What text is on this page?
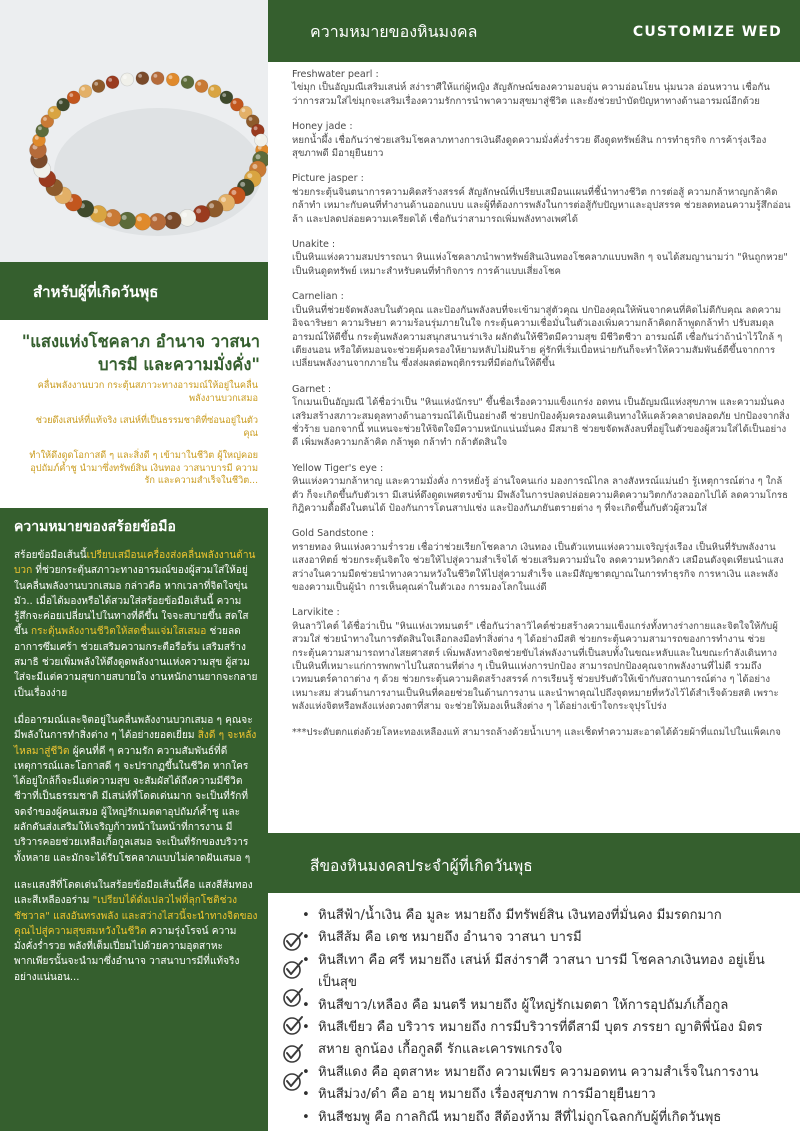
สำหรับผู้ที่เกิดวันพุธ
"แสงแห่งโชคลาภ อำนาจ วาสนาบารมี และความมั่งคั่ง"

คลื่นพลังงานบวก กระตุ้นสภาวะทางอารมณ์ให้อยู่ในคลื่นพลังงานบวกเสมอ

ช่วยดึงเสน่ห์ที่แท้จริง เสน่ห์ที่เป็นธรรมชาติที่ซ่อนอยู่ในตัวคุณ

ทำให้ดึงดูดโอกาสดี ๆ และสิ่งดี ๆ เข้ามาในชีวิต ผู้ใหญ่คอยอุปถัมภ์ค้ำชู นำมาซึ่งทรัพย์สิน เงินทอง วาสนาบารมี ความรัก และความสำเร็จในชีวิต...

ความหมายของสร้อยข้อมือ

สร้อยข้อมือเส้นนี้เปรียบเสมือนเครื่องส่งคลื่นพลังงานด้านบวก ที่ช่วยกระตุ้นสภาวะทางอารมณ์ของผู้สวมใส่ให้อยู่ในคลื่นพลังงานบวกเสมอ กล่าวคือ หากเวลาที่จิตใจขุ่นมัว.. เมื่อได้มองหรือได้สวมใส่สร้อยข้อมือเส้นนี้ ความรู้สึกจะค่อยเปลี่ยนไปในทางที่ดีขึ้น ใจจะสบายขึ้น สดใสขึ้น กระตุ้นพลังงานชีวิตให้สดชื่นแจ่มใสเสมอ ช่วยลดอาการซึมเศร้า ช่วยเสริมความกระตือรือร้น เสริมสร้างสมาธิ ช่วยเพิ่มพลังให้ดึงดูดพลังงานแห่งความสุข ผู้สวมใส่จะมีแต่ความสุขกายสบายใจ งานหนักงานยากจะกลายเป็นเรื่องง่าย

เมื่ออารมณ์และจิตอยู่ในคลื่นพลังงานบวกเสมอ ๆ คุณจะมีพลังในการทำสิ่งต่าง ๆ ได้อย่างยอดเยี่ยม สิ่งดี ๆ จะหลั่งไหลมาสู่ชีวิต ผู้คนที่ดี ๆ ความรัก ความสัมพันธ์ที่ดี เหตุการณ์และโอกาสดี ๆ จะปรากฏขึ้นในชีวิต หากใครได้อยู่ใกล้ก็จะมีแต่ความสุข จะสัมผัสได้ถึงความมีชีวิตชีวาที่เป็นธรรมชาติ มีเสน่ห์ที่โดดเด่นมาก จะเป็นที่รักที่จดจำของผู้คนเสมอ ผู้ใหญ่รักเมตตาอุปถัมภ์ค้ำชู และผลักดันส่งเสริมให้เจริญก้าวหน้าในหน้าที่การงาน มีบริวารคอยช่วยเหลือเกื้อกูลเสมอ จะเป็นที่รักของบริวารทั้งหลาย และมักจะได้รับโชคลาภแบบไม่คาดฝันเสมอ ๆ

และแสงสีที่โดดเด่นในสร้อยข้อมือเส้นนี้คือ แสงสีส้มทองและสีเหลืองอร่าม "เปรียบได้ดั่งเปลวไฟที่ลุกโชติช่วงชัชวาล" แสงอันทรงพลัง และสว่างไสวนี้จะนำทางจิตของคุณไปสู่ความสุขสมหวังในชีวิต ความรุ่งโรจน์ ความมั่งคั่งร่ำรวย พลังที่เต็มเปี่ยมไปด้วยความอุตสาหะพากเพียรนั้นจะนำมาซึ่งอำนาจ วาสนาบารมีที่แท้จริงอย่างแน่นอน...

ความหมายของหินมงคล	CUSTOMIZE WED
Freshwater pearl :
ไข่มุก เป็นอัญมณีเสริมเสน่ห์ สง่าราศีให้แก่ผู้หญิง สัญลักษณ์ของความอบอุ่น ความอ่อนโยน นุ่มนวล อ่อนหวาน เชื่อกันว่าการสวมใส่ไข่มุกจะเสริมเรื่องความรักการนำพาความสุขมาสู่ชีวิต และยังช่วยบำบัดปัญหาทางด้านอารมณ์อีกด้วย
Honey jade :
หยกน้ำผึ้ง เชื่อกันว่าช่วยเสริมโชคลาภทางการเงินดึงดูดความมั่งคั่งร่ำรวย ดึงดูดทรัพย์สิน การทำธุรกิจ การค้ารุ่งเรือง สุขภาพดี มีอายุยืนยาว
Picture jasper :
ช่วยกระตุ้นจินตนาการความคิดสร้างสรรค์ สัญลักษณ์ที่เปรียบเสมือนแผนที่ชี้นำทางชีวิต การต่อสู้ ความกล้าหาญกล้าคิด กล้าทำ เหมาะกับคนที่ทำงานด้านออกแบบ และผู้ที่ต้องการพลังในการต่อสู้กับปัญหาและอุปสรรค ช่วยลดทอนความรู้สึกอ่อนล้า และปลดปล่อยความเครียดได้ เชื่อกันว่าสามารถเพิ่มพลังทางเพศได้
Unakite :
เป็นหินแห่งความสมปรารถนา หินแห่งโชคลาภนำพาทรัพย์สินเงินทองโชคลาภแบบพลิก ๆ จนได้สมญานามว่า "หินถูกหวย" เป็นหินดูดทรัพย์ เหมาะสำหรับคนที่ทำกิจการ การค้าแบบเสี่ยงโชค
Carnelian :
เป็นหินที่ช่วยจัดพลังลบในตัวคุณ และป้องกันพลังลบที่จะเข้ามาสู่ตัวคุณ ปกป้องคุณให้พ้นจากคนที่คิดไม่ดีกับคุณ ลดความอิจฉาริษยา ความริษยา ความร้อนรุ่มภายในใจ กระตุ้นความเชื่อมั่นในตัวเองเพิ่มความกล้าคิดกล้าพูดกล้าทำ ปรับสมดุลอารมณ์ให้ดีขึ้น กระตุ้นพลังความสนุกสนานร่าเริง ผลักดันให้ชีวิตมีความสุข มีชีวิตชีวา อารมณ์ดี เชื่อกันว่าถ้านำไว้ใกล้ ๆ เตียงนอน หรือใต้หมอนจะช่วยคุ้มครองให้ยามหลับไม่ฝันร้าย คู่รักที่เริ่มเบื่อหน่ายกันก็จะทำให้ความสัมพันธ์ดีขึ้นจากการเปลี่ยนพลังงานจากภายใน ซึ่งส่งผลต่อพฤติกรรมที่มีต่อกันให้ดีขึ้น
Garnet :
โกเมนเป็นอัญมณี ได้ชื่อว่าเป็น "หินแห่งนักรบ" ขึ้นชื่อเรื่องความแข็งแกร่ง อดทน เป็นอัญมณีแห่งสุขภาพ และความมั่นคงเสริมสร้างสภาวะสมดุลทางด้านอารมณ์ได้เป็นอย่างดี ช่วยปกป้องคุ้มครองคนเดินทางให้แคล้วคลาดปลอดภัย ปกป้องจากสิ่งชั่วร้าย บอกจากนี้ ทแหนจะช่วยให้จิตใจมีความหนักแน่นมั่นคง มีสมาธิ ช่วยขจัดพลังลบที่อยู่ในตัวของผู้สวมใส่ได้เป็นอย่างดี เพิ่มพลังความกล้าคิด กล้าพูด กล้าทำ กล้าตัดสินใจ
Yellow Tiger's eye :
หินแห่งความกล้าหาญ และความมั่งคั่ง การหยั่งรู้ อ่านใจคนเก่ง มองการณ์ไกล ลางสังหรณ์แม่นยำ รู้เหตุการณ์ต่าง ๆ ใกล้ตัว ก็จะเกิดขึ้นกับตัวเรา มีเสน่ห์ดึงดูดเพศตรงข้าม มีพลังในการปลดปล่อยความคิดความวิตกกังวลออกไปได้ ลดความโกรธ กิฎิความดื้อดึงในตนได้ ป้องกันการโดนสาปแช่ง และป้องกันภยันตรายต่าง ๆ ที่จะเกิดขึ้นกับตัวผู้สวมใส่
Gold Sandstone :
ทรายทอง หินแห่งความร่ำรวย เชื่อว่าช่วยเรียกโชคลาภ เงินทอง เป็นตัวแทนแห่งความเจริญรุ่งเรือง เป็นหินที่รับพลังงานแสงอาทิตย์ ช่วยกระตุ้นจิตใจ ช่วยให้ไปสู่ความสำเร็จได้ ช่วยเสริมความมั่นใจ ลดความหวิดกลัว เสมือนดังจุดเทียนนำแสงสว่างในความมืดช่วยนำทางความหวังในชีวิตให้ไปสู่ความสำเร็จ และมีสัญชาตญาณในการทำธุรกิจ การหาเงิน และพลังของความเป็นผู้นำ การเห็นคุณค่าในตัวเอง การมองโลกในแง่ดี
Larvikite :
หินลาวิไคต์ ได้ชื่อว่าเป็น "หินแห่งเวทมนตร์" เชื่อกันว่าลาวิไคต์ช่วยสร้างความแข็งแกร่งทั้งทางร่างกายและจิตใจให้กับผู้สวมใส่ ช่วยนำทางในการตัดสินใจเลือกลงมือทำสิ่งต่าง ๆ ได้อย่างมีสติ ช่วยกระตุ้นความสามารถของการทำงาน ช่วยกระตุ้นความสามารถทางไสยศาสตร์ เพิ่มพลังทางจิตช่วยขับไล่พลังงานที่เป็นลบทั้งในขณะหลับและในขณะกำลังเดินทาง เป็นหินที่เหมาะแก่การพกพาไปในสถานที่ต่าง ๆ เป็นหินแห่งการปกป้อง สามารถปกป้องคุณจากพลังงานที่ไม่ดี รวมถึงเวทมนตร์คาถาต่าง ๆ ด้วย ช่วยกระตุ้นความคิดสร้างสรรค์ การเรียนรู้ ช่วยปรับตัวให้เข้ากับสถานการณ์ต่าง ๆ ได้อย่างเหมาะสม ส่วนด้านการงานเป็นหินที่คอยช่วยในด้านการงาน และนำพาคุณไปถึงจุดหมายที่หวังไว้ได้สำเร็จด้วยสติ เพราะพลังแห่งจิตหรือพลังแห่งดวงตาที่สาม จะช่วยให้มองเห็นสิ่งต่าง ๆ ได้อย่างเข้าใจกระจุปุรโปร่ง
***ประดับตกแต่งด้วยโลหะทองเหลืองแท้ สามารถล้างด้วยน้ำเบาๆ และเช็ดทำความสะอาดได้ด้วยผ้าที่แถมไปในแพ็คเกจ
สีของหินมงคลประจำผู้ที่เกิดวันพุธ
• หินสีฟ้า/น้ำเงิน คือ มูละ หมายถึง มีทรัพย์สิน เงินทองที่มั่นคง มีมรดกมาก
• หินสีส้ม คือ เดช หมายถึง อำนาจ วาสนา บารมี
• หินสีเทา คือ ศรี หมายถึง เสน่ห์ มีสง่าราศี วาสนา บารมี โชคลาภเงินทอง อยู่เย็นเป็นสุข
• หินสีขาว/เหลือง คือ มนตรี หมายถึง ผู้ใหญ่รักเมตตา ให้การอุปถัมภ์เกื้อกูล
• หินสีเขียว คือ บริวาร หมายถึง การมีบริวารที่ดีสามี บุตร ภรรยา ญาติพี่น้อง มิตรสหาย ลูกน้อง เกื้อกูลดี รักและเคารพเกรงใจ
• หินสีแดง คือ อุตสาหะ หมายถึง ความเพียร ความอดทน ความสำเร็จในการงาน
• หินสีม่วง/ดำ คือ อายุ หมายถึง เรื่องสุขภาพ การมีอายุยืนยาว
• หินสีชมพู คือ กาลกิณี หมายถึง สีต้องห้าม สีที่ไม่ถูกโฉลกกับผู้ที่เกิดวันพุธ
